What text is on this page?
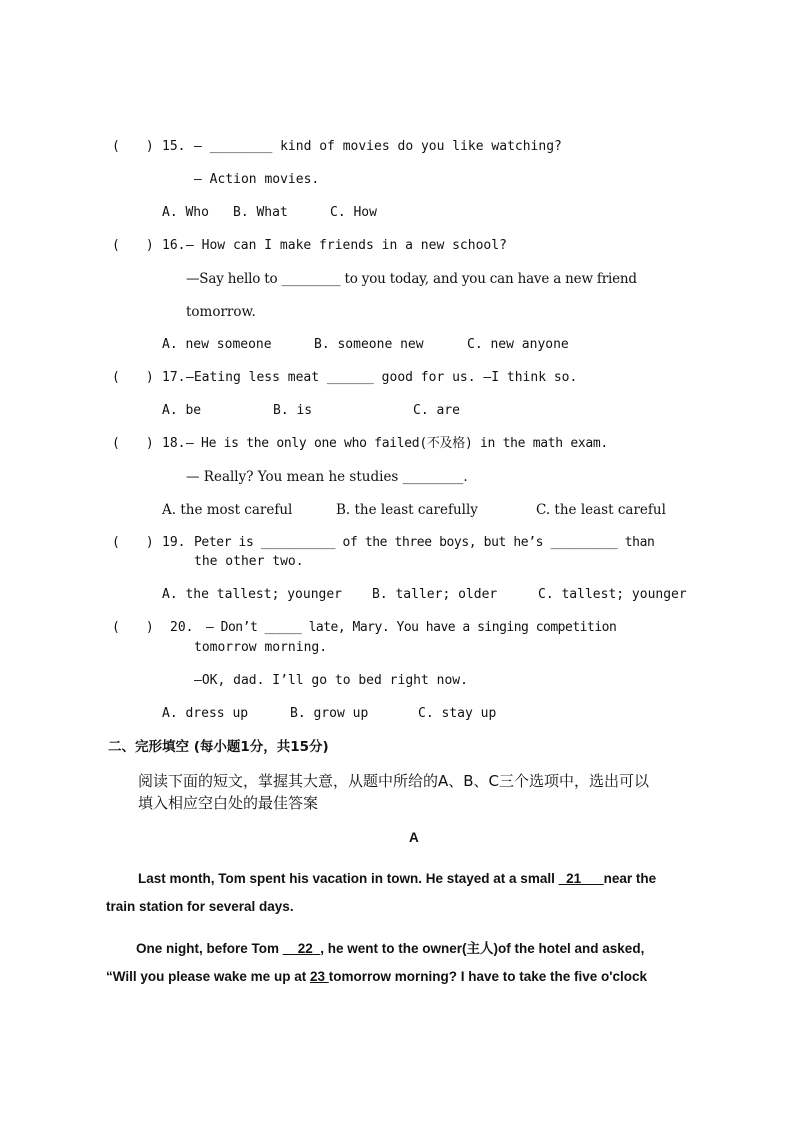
(　　) 15. — ________ kind of movies do you like watching?
— Action movies.
A. Who B. What	C. How
(　　) 16. – How can I make friends in a new school?
—Say hello to _________ to you today, and you can have a new friend
tomorrow.
A. new someone	B. someone new	C. new anyone
(　　) 17. —Eating less meat ______ good for us. —I think so.
A. be	B. is	C. are
(　　) 18. – He is the only one who failed(不及格) in the math exam.
— Really? You mean he studies _________.
A. the most careful	B. the least carefully	C. the least careful
(　　) 19. Peter is __________ of the three boys, but he’s _________ than
the other two.
A. the tallest; younger B. taller; older	C. tallest; younger
(　　) 20. – Don’t _____ late, Mary. You have a singing competition
tomorrow morning.
—OK, dad. I’ll go to bed right now.
A. dress up	B. grow up	C. stay up
二、完形填空 (每小题1分，共15分)
阅读下面的短文，掌握其大意，从题中所给的A、B、C三个选项中，选出可以
填入相应空白处的最佳答案
A
Last month, Tom spent his vacation in town. He stayed at a small _21___near the
train station for several days.
One night, before Tom __22_, he went to the owner(主人)of the hotel and asked,
“Will you please wake me up at 23 tomorrow morning? I have to take the five o'clock
